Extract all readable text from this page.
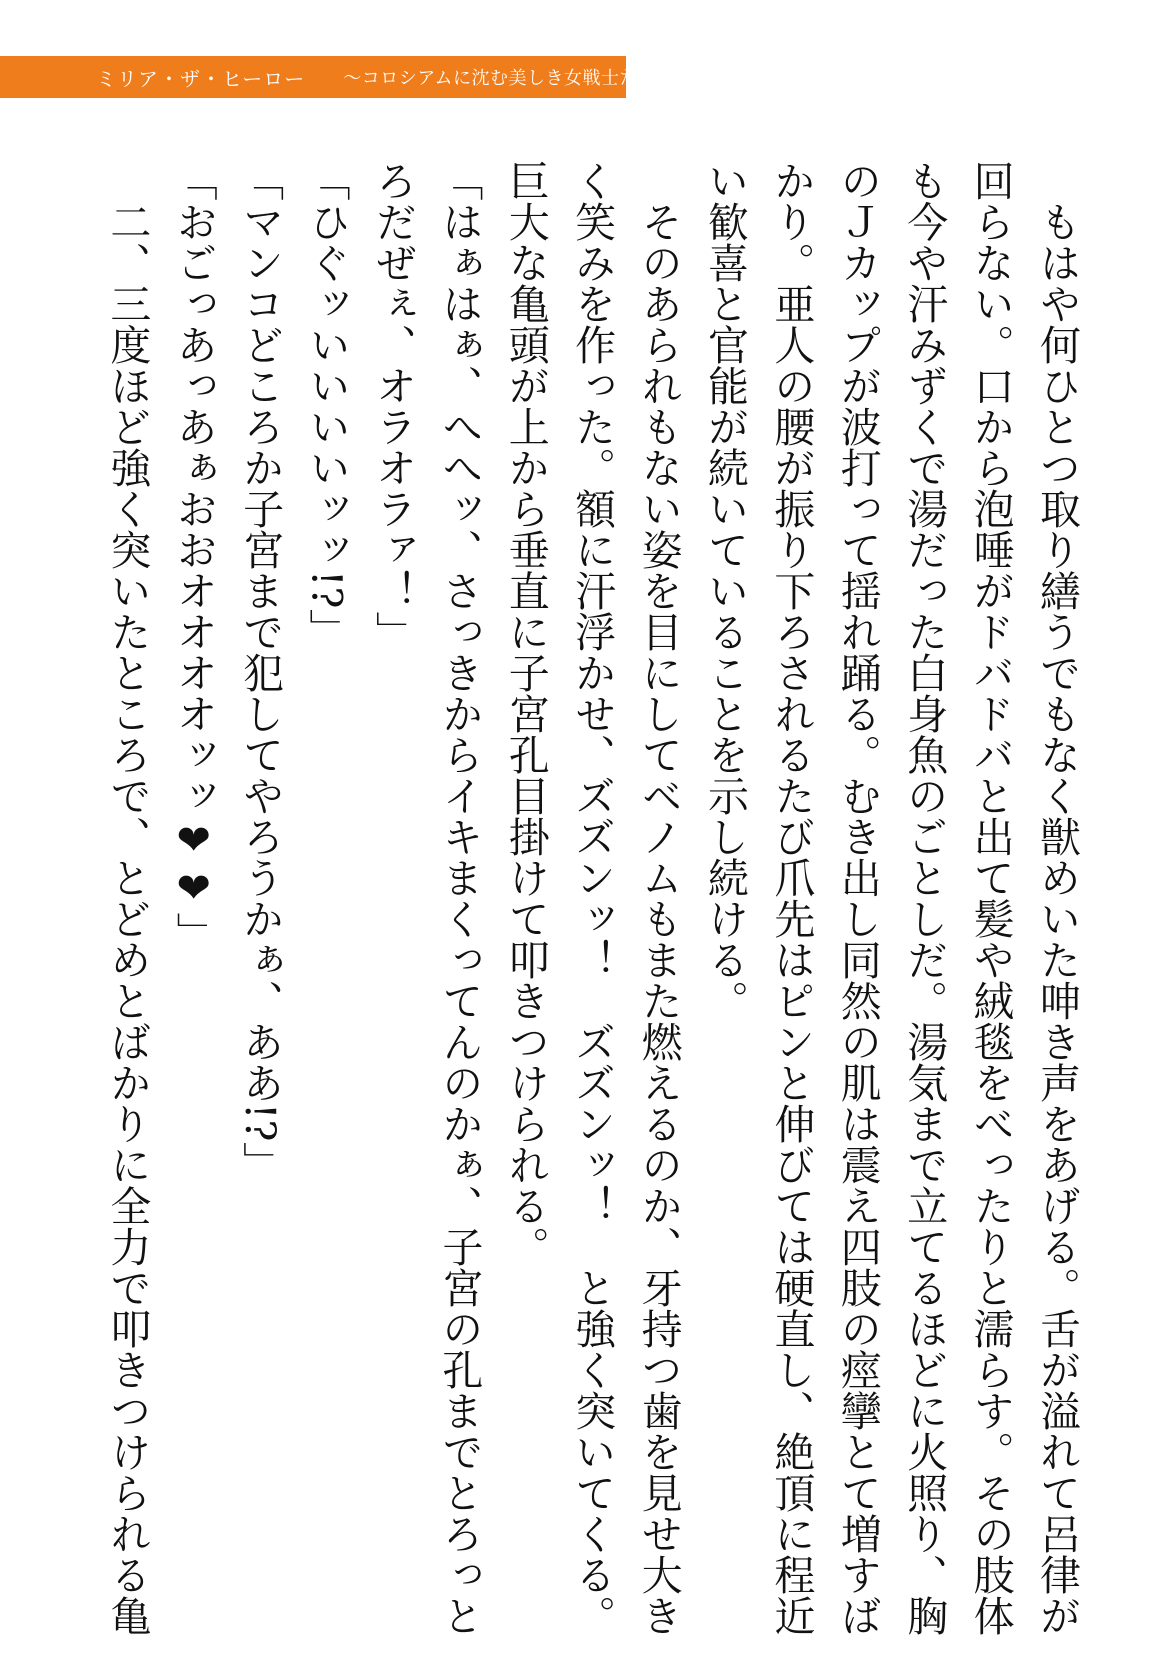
ミリア・ザ・ヒーロー ～コロシアムに沈む美しき女戦士たち～
　もはや何ひとつ取り繕うでもなく獣めいた呻き声をあげる。舌が溢れて呂律が
回らない。口から泡唾がドバドバと出て髪や絨毯をべったりと濡らす。その肢体
も今や汗みずくで湯だった白身魚のごとしだ。湯気まで立てるほどに火照り、胸
のＪカップが波打って揺れ踊る。むき出し同然の肌は震え四肢の痙攣とて増すば
かり。亜人の腰が振り下ろされるたび爪先はピンと伸びては硬直し、絶頂に程近
い歓喜と官能が続いていることを示し続ける。
　そのあられもない姿を目にしてベノムもまた燃えるのか、牙持つ歯を見せ大き
く笑みを作った。額に汗浮かせ、ズズンッ！　ズズンッ！　と強く突いてくる。
巨大な亀頭が上から垂直に子宮孔目掛けて叩きつけられる。
「はぁはぁ、へへッ、さっきからイキまくってんのかぁ、子宮の孔までとろっと
ろだぜぇ、オラオラァ！」
「ひぐッいいいいッッ!?」
「マンコどころか子宮まで犯してやろうかぁ、ああ!?」
「おごっあっあぁおおオオオオッッ❤❤」
　二、三度ほど強く突いたところで、とどめとばかりに全力で叩きつけられる亀
